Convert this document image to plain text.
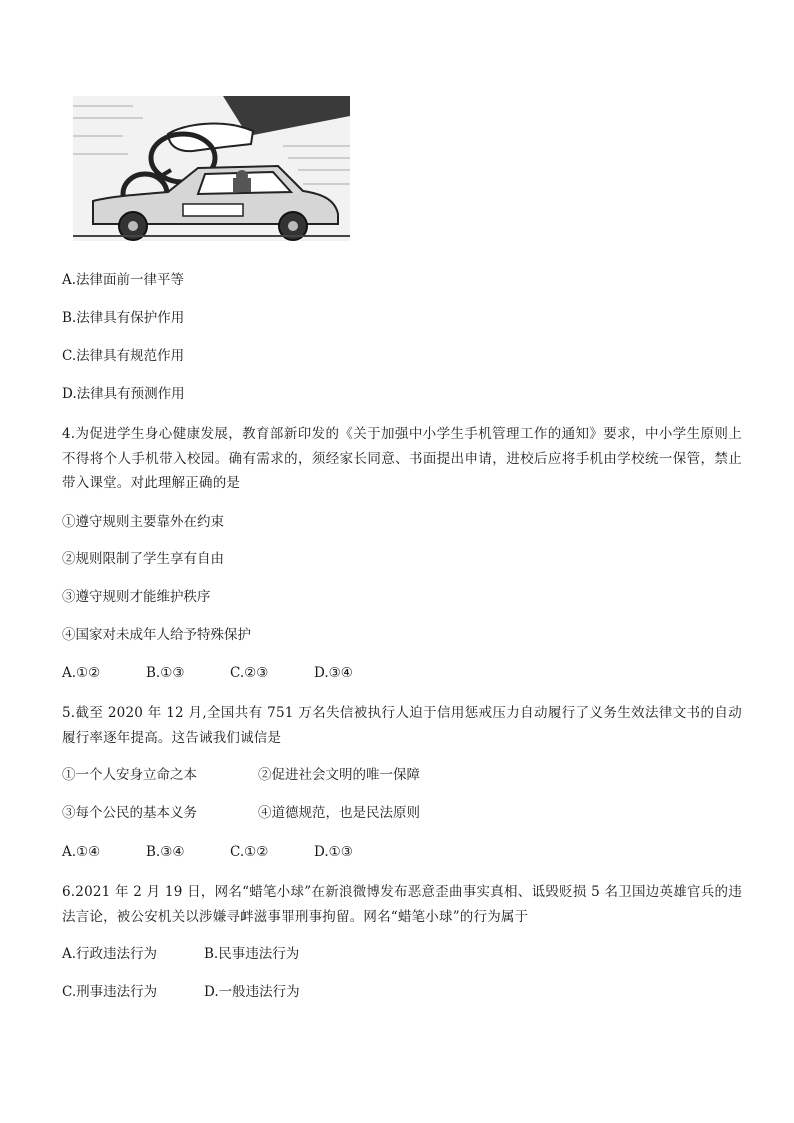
A.法律面前一律平等
B.法律具有保护作用
C.法律具有规范作用
D.法律具有预测作用
4.为促进学生身心健康发展，教育部新印发的《关于加强中小学生手机管理工作的通知》要求，中小学生原则上不得将个人手机带入校园。确有需求的，须经家长同意、书面提出申请，进校后应将手机由学校统一保管，禁止带入课堂。对此理解正确的是
①遵守规则主要靠外在约束
②规则限制了学生享有自由
③遵守规则才能维护秩序
④国家对未成年人给予特殊保护
A.①②	B.①③	C.②③	D.③④
5.截至 2020 年 12 月,全国共有 751 万名失信被执行人迫于信用惩戒压力自动履行了义务生效法律文书的自动履行率逐年提高。这告诫我们诚信是
①一个人安身立命之本	②促进社会文明的唯一保障
③每个公民的基本义务	④道德规范，也是民法原则
A.①④	B.③④	C.①②	D.①③
6.2021 年 2 月 19 日，网名“蜡笔小球”在新浪微博发布恶意歪曲事实真相、诋毁贬损 5 名卫国边英雄官兵的违法言论，被公安机关以涉嫌寻衅滋事罪刑事拘留。网名“蜡笔小球”的行为属于
A.行政违法行为	B.民事违法行为
C.刑事违法行为	D.一般违法行为
